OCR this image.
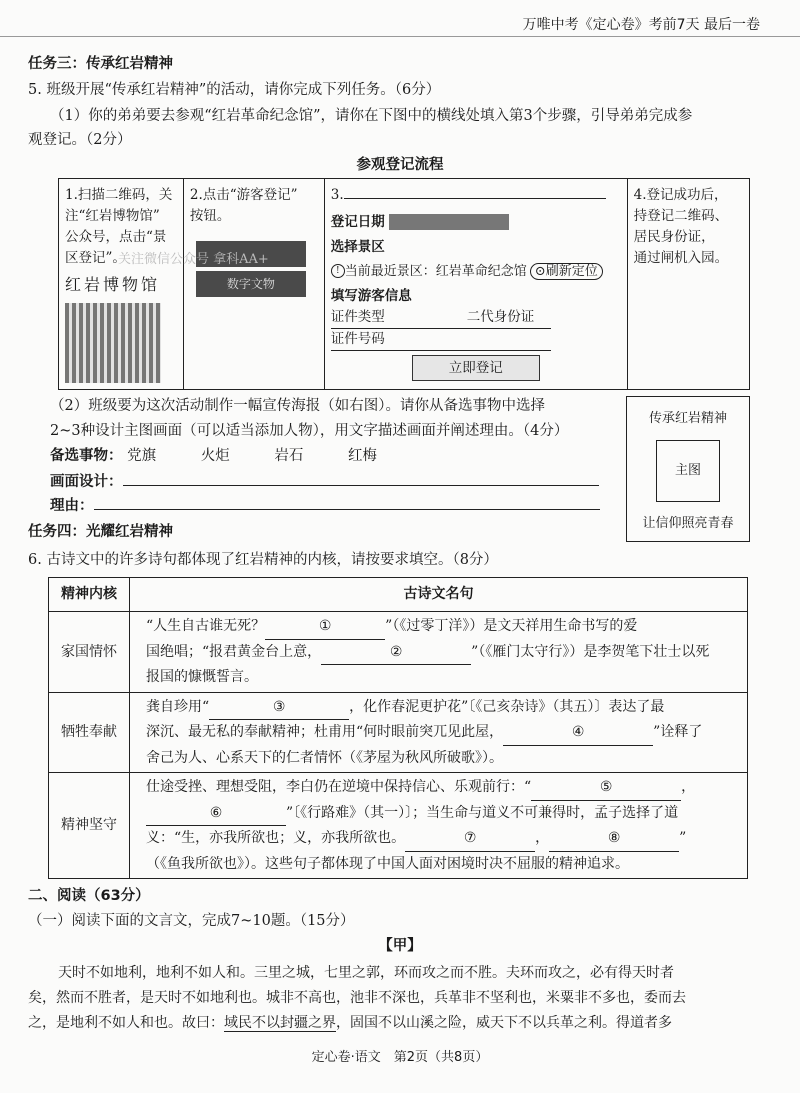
万唯中考《定心卷》考前7天 最后一卷
任务三：传承红岩精神
5. 班级开展“传承红岩精神”的活动，请你完成下列任务。（6分）
（1）你的弟弟要去参观“红岩革命纪念馆”，请你在下图中的横线处填入第3个步骤，引导弟弟完成参
观登记。（2分）
参观登记流程
1.扫描二维码，关
注“红岩博物馆”
公众号，点击“景
区登记”。
红岩博物馆

2.点击“游客登记”
按钮。
数字文物

3.
登记日期
选择景区
! 当前最近景区：红岩革命纪念馆 ⊙刷新定位
填写游客信息
证件类型	二代身份证
证件号码
立即登记

4.登记成功后，
持登记二维码、
居民身份证，
通过闸机入园。
关注微信公众号 拿科AA+
（2）班级要为这次活动制作一幅宣传海报（如右图）。请你从备选事物中选择
2~3种设计主图画面（可以适当添加人物），用文字描述画面并阐述理由。（4分）
备选事物： 党旗	火炬	岩石	红梅
画面设计：
理由：
传承红岩精神
主图
让信仰照亮青春
任务四：光耀红岩精神
6. 古诗文中的许多诗句都体现了红岩精神的内核，请按要求填空。（8分）
精神内核	古诗文名句
家国情怀	“人生自古谁无死？ ① ”（《过零丁洋》）是文天祥用生命书写的爱
国绝唱；“报君黄金台上意， ② ”（《雁门太守行》）是李贺笔下壮士以死
报国的慷慨誓言。

牺牲奉献	龚自珍用“ ③ ，化作春泥更护花”〔《己亥杂诗》（其五）〕表达了最
深沉、最无私的奉献精神；杜甫用“何时眼前突兀见此屋， ④ ”诠释了
舍己为人、心系天下的仁者情怀（《茅屋为秋风所破歌》）。

精神坚守	仕途受挫、理想受阻，李白仍在逆境中保持信心、乐观前行：“ ⑤ ，
⑥ ”〔《行路难》（其一）〕；当生命与道义不可兼得时，孟子选择了道
义：“生，亦我所欲也；义，亦我所欲也。 ⑦ ， ⑧ ”
（《鱼我所欲也》）。这些句子都体现了中国人面对困境时决不屈服的精神追求。
二、阅读（63分）
（一）阅读下面的文言文，完成7~10题。（15分）
【甲】
天时不如地利，地利不如人和。三里之城，七里之郭，环而攻之而不胜。夫环而攻之，必有得天时者
矣，然而不胜者，是天时不如地利也。城非不高也，池非不深也，兵革非不坚利也，米粟非不多也，委而去
之，是地利不如人和也。故曰：域民不以封疆之界，固国不以山溪之险，威天下不以兵革之利。得道者多
定心卷·语文　第2页（共8页）
